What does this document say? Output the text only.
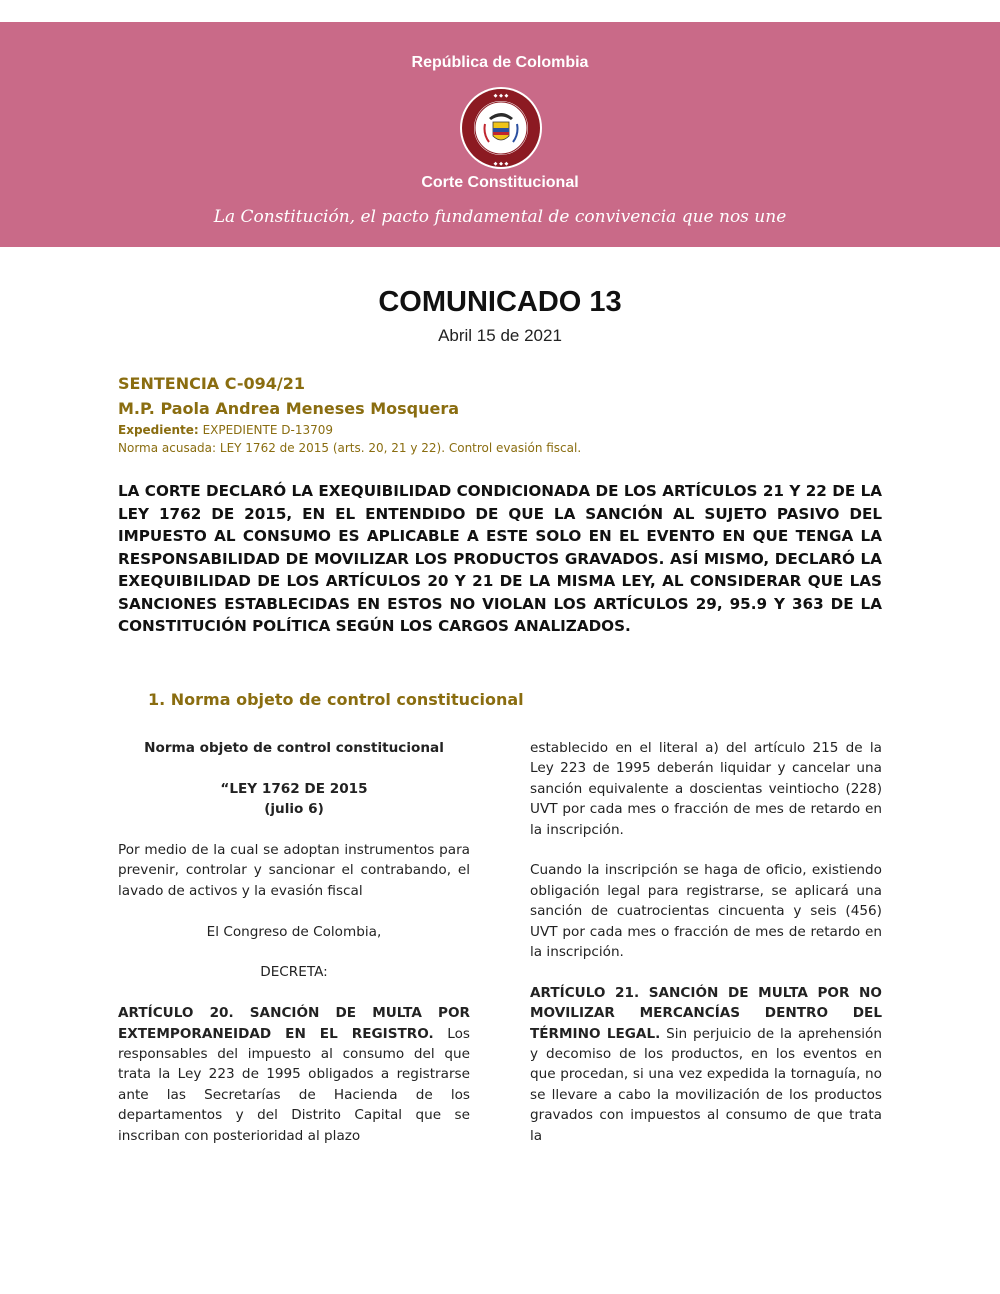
República de Colombia
◆ ◆ ◆
◆ ◆ ◆
Corte Constitucional
La Constitución, el pacto fundamental de convivencia que nos une
COMUNICADO 13
Abril 15 de 2021
SENTENCIA C-094/21
M.P. Paola Andrea Meneses Mosquera
Expediente: EXPEDIENTE D-13709
Norma acusada: LEY 1762 de 2015 (arts. 20, 21 y 22). Control evasión fiscal.
LA CORTE DECLARÓ LA EXEQUIBILIDAD CONDICIONADA DE LOS ARTÍCULOS 21 Y 22 DE LA LEY 1762 DE 2015, EN EL ENTENDIDO DE QUE LA SANCIÓN AL SUJETO PASIVO DEL IMPUESTO AL CONSUMO ES APLICABLE A ESTE SOLO EN EL EVENTO EN QUE TENGA LA RESPONSABILIDAD DE MOVILIZAR LOS PRODUCTOS GRAVADOS. ASÍ MISMO, DECLARÓ LA EXEQUIBILIDAD DE LOS ARTÍCULOS 20 Y 21 DE LA MISMA LEY, AL CONSIDERAR QUE LAS SANCIONES ESTABLECIDAS EN ESTOS NO VIOLAN LOS ARTÍCULOS 29, 95.9 Y 363 DE LA CONSTITUCIÓN POLÍTICA SEGÚN LOS CARGOS ANALIZADOS.
1. Norma objeto de control constitucional

Norma objeto de control constitucional

“LEY 1762 DE 2015

(julio 6)

Por medio de la cual se adoptan instrumentos para prevenir, controlar y sancionar el contrabando, el lavado de activos y la evasión fiscal

El Congreso de Colombia,

DECRETA:

ARTÍCULO 20. SANCIÓN DE MULTA POR EXTEMPORANEIDAD EN EL REGISTRO. Los responsables del impuesto al consumo del que trata la Ley 223 de 1995 obligados a registrarse ante las Secretarías de Hacienda de los departamentos y del Distrito Capital que se inscriban con posterioridad al plazo

establecido en el literal a) del artículo 215 de la Ley 223 de 1995 deberán liquidar y cancelar una sanción equivalente a doscientas veintiocho (228) UVT por cada mes o fracción de mes de retardo en la inscripción.

Cuando la inscripción se haga de oficio, existiendo obligación legal para registrarse, se aplicará una sanción de cuatrocientas cincuenta y seis (456) UVT por cada mes o fracción de mes de retardo en la inscripción.

ARTÍCULO 21. SANCIÓN DE MULTA POR NO MOVILIZAR MERCANCÍAS DENTRO DEL TÉRMINO LEGAL. Sin perjuicio de la aprehensión y decomiso de los productos, en los eventos en que procedan, si una vez expedida la tornaguía, no se llevare a cabo la movilización de los productos gravados con impuestos al consumo de que trata la
